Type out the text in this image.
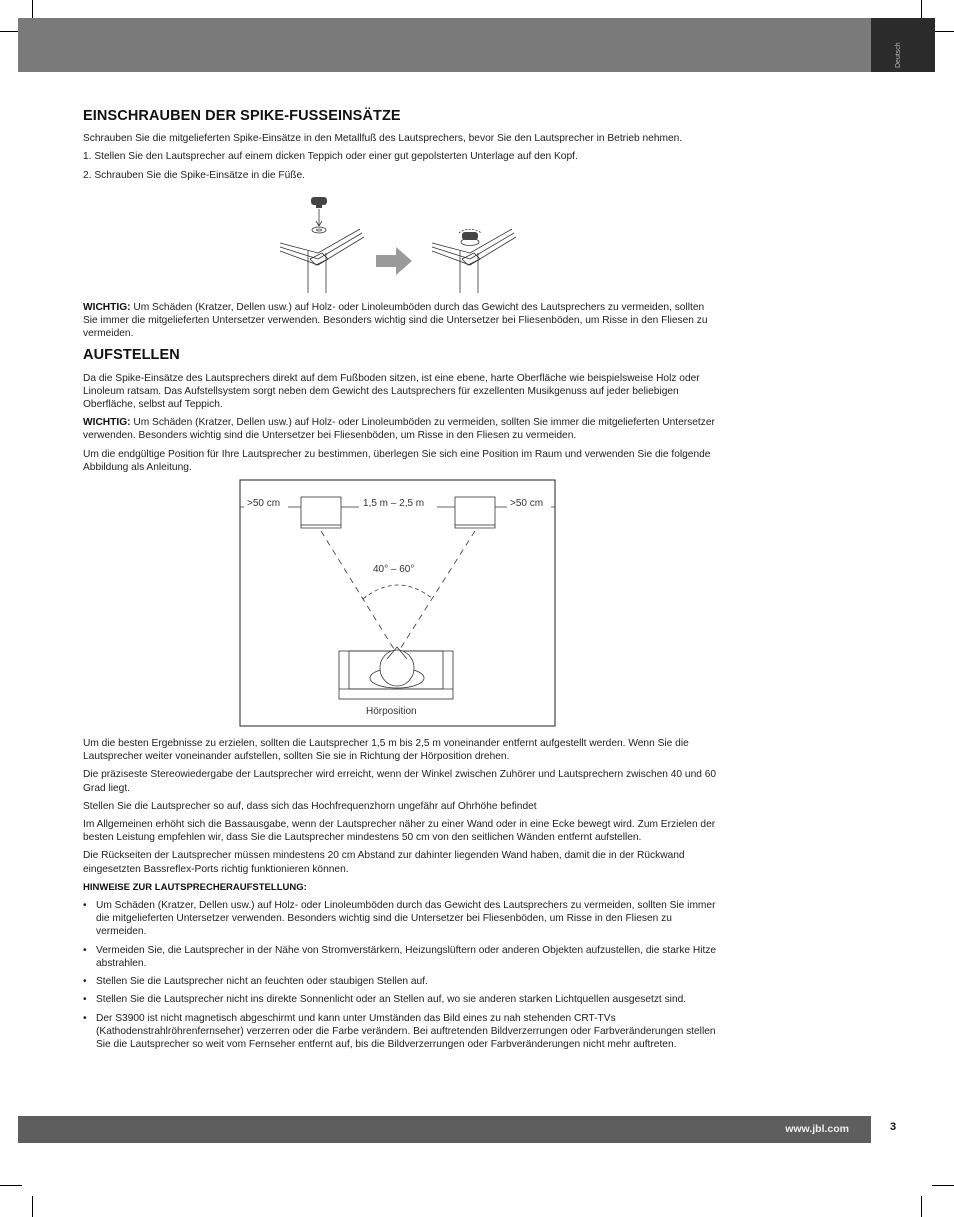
Deutsch
EINSCHRAUBEN DER SPIKE-FUSSEINSÄTZE

Schrauben Sie die mitgelieferten Spike-Einsätze in den Metallfuß des Lautsprechers, bevor Sie den Lautsprecher in Betrieb nehmen.

1. Stellen Sie den Lautsprecher auf einem dicken Teppich oder einer gut gepolsterten Unterlage auf den Kopf.

2. Schrauben Sie die Spike-Einsätze in die Füße.

WICHTIG: Um Schäden (Kratzer, Dellen usw.) auf Holz- oder Linoleumböden durch das Gewicht des Lautsprechers zu vermeiden, sollten Sie immer die mitgelieferten Untersetzer verwenden. Besonders wichtig sind die Untersetzer bei Fliesenböden, um Risse in den Fliesen zu vermeiden.

AUFSTELLEN

Da die Spike-Einsätze des Lautsprechers direkt auf dem Fußboden sitzen, ist eine ebene, harte Oberfläche wie beispielsweise Holz oder Linoleum ratsam. Das Aufstellsystem sorgt neben dem Gewicht des Lautsprechers für exzellenten Musikgenuss auf jeder beliebigen Oberfläche, selbst auf Teppich.

WICHTIG: Um Schäden (Kratzer, Dellen usw.) auf Holz- oder Linoleumböden zu vermeiden, sollten Sie immer die mitgelieferten Untersetzer verwenden. Besonders wichtig sind die Untersetzer bei Fliesenböden, um Risse in den Fliesen zu vermeiden.

Um die endgültige Position für Ihre Lautsprecher zu bestimmen, überlegen Sie sich eine Position im Raum und verwenden Sie die folgende Abbildung als Anleitung.

>50 cm	1,5 m – 2,5 m	>50 cm
40° – 60°
Hörposition

Um die besten Ergebnisse zu erzielen, sollten die Lautsprecher 1,5 m bis 2,5 m voneinander entfernt aufgestellt werden. Wenn Sie die Lautsprecher weiter voneinander aufstellen, sollten Sie sie in Richtung der Hörposition drehen.

Die präziseste Stereowiedergabe der Lautsprecher wird erreicht, wenn der Winkel zwischen Zuhörer und Lautsprechern zwischen 40 und 60 Grad liegt.

Stellen Sie die Lautsprecher so auf, dass sich das Hochfrequenzhorn ungefähr auf Ohrhöhe befindet

Im Allgemeinen erhöht sich die Bassausgabe, wenn der Lautsprecher näher zu einer Wand oder in eine Ecke bewegt wird. Zum Erzielen der besten Leistung empfehlen wir, dass Sie die Lautsprecher mindestens 50 cm von den seitlichen Wänden entfernt aufstellen.

Die Rückseiten der Lautsprecher müssen mindestens 20 cm Abstand zur dahinter liegenden Wand haben, damit die in der Rückwand eingesetzten Bassreflex-Ports richtig funktionieren können.

HINWEISE ZUR LAUTSPRECHERAUFSTELLUNG:
• Um Schäden (Kratzer, Dellen usw.) auf Holz- oder Linoleumböden durch das Gewicht des Lautsprechers zu vermeiden, sollten Sie immer die mitgelieferten Untersetzer verwenden. Besonders wichtig sind die Untersetzer bei Fliesenböden, um Risse in den Fliesen zu vermeiden.
• Vermeiden Sie, die Lautsprecher in der Nähe von Stromverstärkern, Heizungslüftern oder anderen Objekten aufzustellen, die starke Hitze abstrahlen.
• Stellen Sie die Lautsprecher nicht an feuchten oder staubigen Stellen auf.
• Stellen Sie die Lautsprecher nicht ins direkte Sonnenlicht oder an Stellen auf, wo sie anderen starken Lichtquellen ausgesetzt sind.
• Der S3900 ist nicht magnetisch abgeschirmt und kann unter Umständen das Bild eines zu nah stehenden CRT-TVs (Kathodenstrahlröhrenfernseher) verzerren oder die Farbe verändern. Bei auftretenden Bildverzerrungen oder Farbveränderungen stellen Sie die Lautsprecher so weit vom Fernseher entfernt auf, bis die Bildverzerrungen oder Farbveränderungen nicht mehr auftreten.
www.jbl.com	3
